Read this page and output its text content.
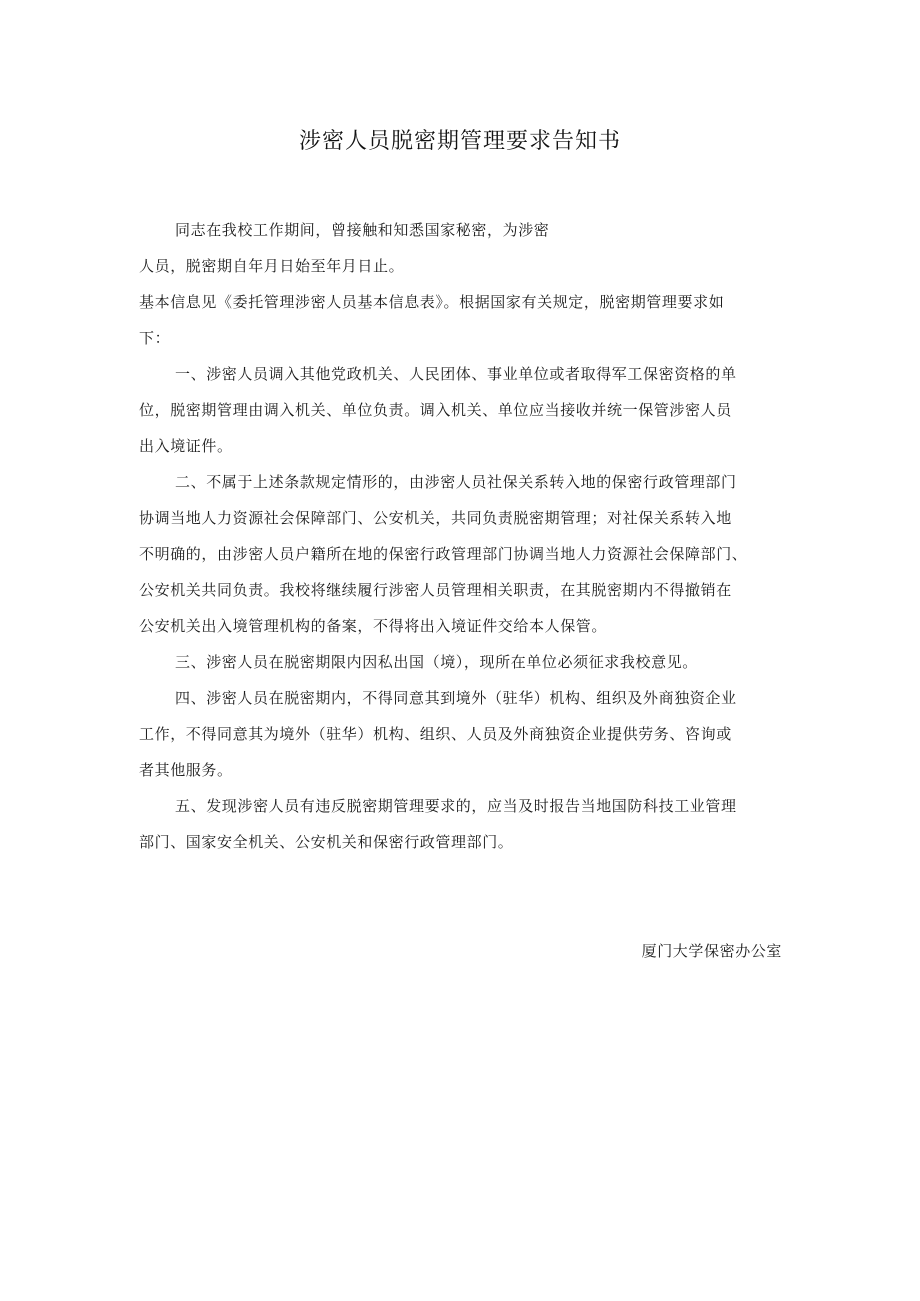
涉密人员脱密期管理要求告知书
同志在我校工作期间，曾接触和知悉国家秘密，为涉密
人员，脱密期自年月日始至年月日止。
基本信息见《委托管理涉密人员基本信息表》。根据国家有关规定，脱密期管理要求如
下：
一、涉密人员调入其他党政机关、人民团体、事业单位或者取得军工保密资格的单
位，脱密期管理由调入机关、单位负责。调入机关、单位应当接收并统一保管涉密人员
出入境证件。
二、不属于上述条款规定情形的，由涉密人员社保关系转入地的保密行政管理部门
协调当地人力资源社会保障部门、公安机关，共同负责脱密期管理；对社保关系转入地
不明确的，由涉密人员户籍所在地的保密行政管理部门协调当地人力资源社会保障部门、
公安机关共同负责。我校将继续履行涉密人员管理相关职责，在其脱密期内不得撤销在
公安机关出入境管理机构的备案，不得将出入境证件交给本人保管。
三、涉密人员在脱密期限内因私出国（境），现所在单位必须征求我校意见。
四、涉密人员在脱密期内，不得同意其到境外（驻华）机构、组织及外商独资企业
工作，不得同意其为境外（驻华）机构、组织、人员及外商独资企业提供劳务、咨询或
者其他服务。
五、发现涉密人员有违反脱密期管理要求的，应当及时报告当地国防科技工业管理
部门、国家安全机关、公安机关和保密行政管理部门。
厦门大学保密办公室
